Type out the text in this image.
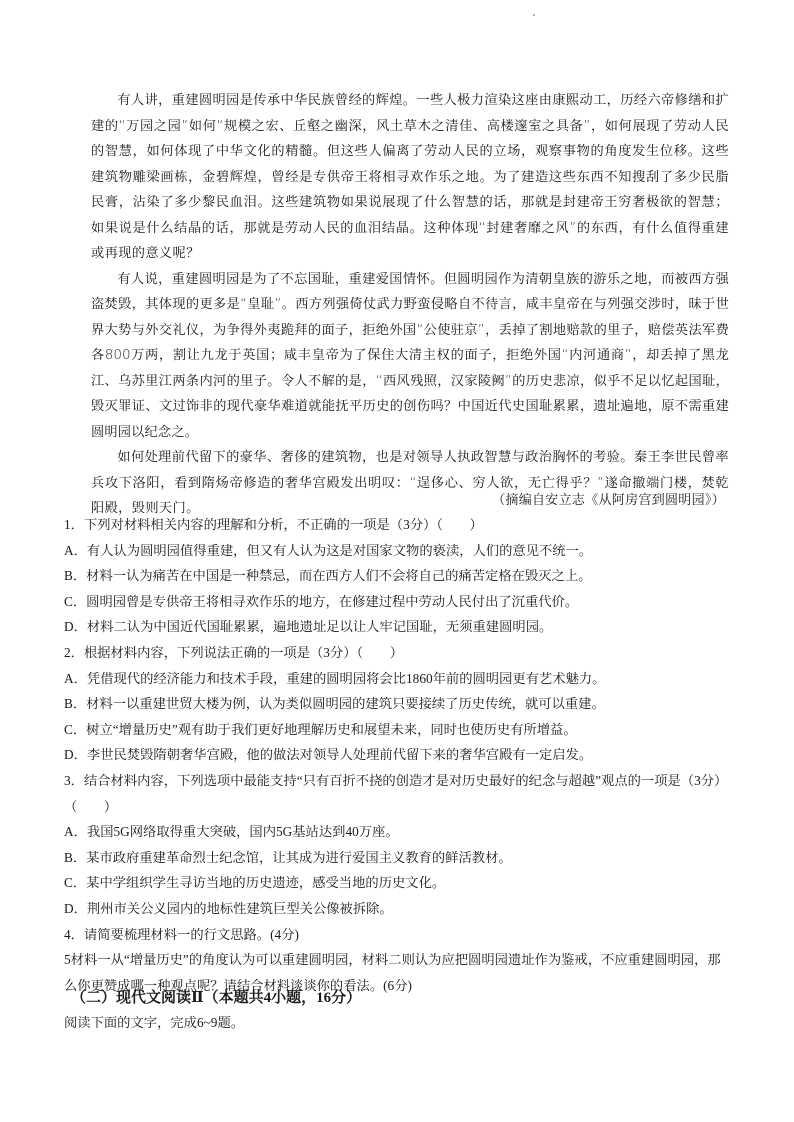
有人讲，重建圆明园是传承中华民族曾经的辉煌。一些人极力渲染这座由康熙动工，历经六帝修缮和扩建的“万园之园”如何“规模之宏、丘壑之幽深，风土草木之清佳、高楼邃室之具备”，如何展现了劳动人民的智慧，如何体现了中华文化的精髓。但这些人偏离了劳动人民的立场，观察事物的角度发生位移。这些建筑物雕梁画栋，金碧辉煌，曾经是专供帝王将相寻欢作乐之地。为了建造这些东西不知搜刮了多少民脂民膏，沾染了多少黎民血泪。这些建筑物如果说展现了什么智慧的话，那就是封建帝王穷奢极欲的智慧；如果说是什么结晶的话，那就是劳动人民的血泪结晶。这种体现“封建奢靡之风”的东西，有什么值得重建或再现的意义呢？

有人说，重建圆明园是为了不忘国耻，重建爱国情怀。但圆明园作为清朝皇族的游乐之地，而被西方强盗焚毁，其体现的更多是“皇耻”。西方列强倚仗武力野蛮侵略自不待言，咸丰皇帝在与列强交涉时，昧于世界大势与外交礼仪，为争得外夷跪拜的面子，拒绝外国“公使驻京”，丢掉了割地赔款的里子，赔偿英法军费各800万两，割让九龙于英国；咸丰皇帝为了保住大清主权的面子，拒绝外国“内河通商”，却丢掉了黑龙江、乌苏里江两条内河的里子。令人不解的是，“西风残照，汉家陵阙”的历史悲凉，似乎不足以忆起国耻，毁灭罪证、文过饰非的现代豪华难道就能抚平历史的创伤吗？中国近代史国耻累累，遗址遍地，原不需重建圆明园以纪念之。

如何处理前代留下的豪华、奢侈的建筑物，也是对领导人执政智慧与政治胸怀的考验。秦王李世民曾率兵攻下洛阳，看到隋炀帝修造的奢华宫殿发出明叹：“逞侈心、穷人欲，无亡得乎？”遂命撤端门楼，焚乾阳殿，毁则天门。

（摘编自安立志《从阿房宫到圆明园》）
1．下列对材料相关内容的理解和分析，不正确的一项是（3分）（　　）
A．有人认为圆明园值得重建，但又有人认为这是对国家文物的亵渎，人们的意见不统一。
B．材料一认为痛苦在中国是一种禁忌，而在西方人们不会将自己的痛苦定格在毁灭之上。
C．圆明园曾是专供帝王将相寻欢作乐的地方，在修建过程中劳动人民付出了沉重代价。
D．材料二认为中国近代国耻累累，遍地遗址足以让人牢记国耻，无须重建圆明园。
2．根据材料内容，下列说法正确的一项是（3分）（　　）
A．凭借现代的经济能力和技术手段，重建的圆明园将会比1860年前的圆明园更有艺术魅力。
B．材料一以重建世贸大楼为例，认为类似圆明园的建筑只要接续了历史传统，就可以重建。
C．树立“增量历史”观有助于我们更好地理解历史和展望未来，同时也使历史有所增益。
D．李世民焚毁隋朝奢华宫殿，他的做法对领导人处理前代留下来的奢华宫殿有一定启发。
3．结合材料内容，下列选项中最能支持“只有百折不挠的创造才是对历史最好的纪念与超越”观点的一项是（3分）（　　）
A．我国5G网络取得重大突破，国内5G基站达到40万座。
B．某市政府重建革命烈士纪念馆，让其成为进行爱国主义教育的鲜活教材。
C．某中学组织学生寻访当地的历史遗迹，感受当地的历史文化。
D．荆州市关公义园内的地标性建筑巨型关公像被拆除。
4．请简要梳理材料一的行文思路。(4分)
5材料一从“增量历史”的角度认为可以重建圆明园，材料二则认为应把圆明园遗址作为鉴戒，不应重建圆明园，那么你更赞成哪一种观点呢？请结合材料谈谈你的看法。(6分)
（二）现代文阅读Ⅱ（本题共4小题，16分）
阅读下面的文字，完成6~9题。
